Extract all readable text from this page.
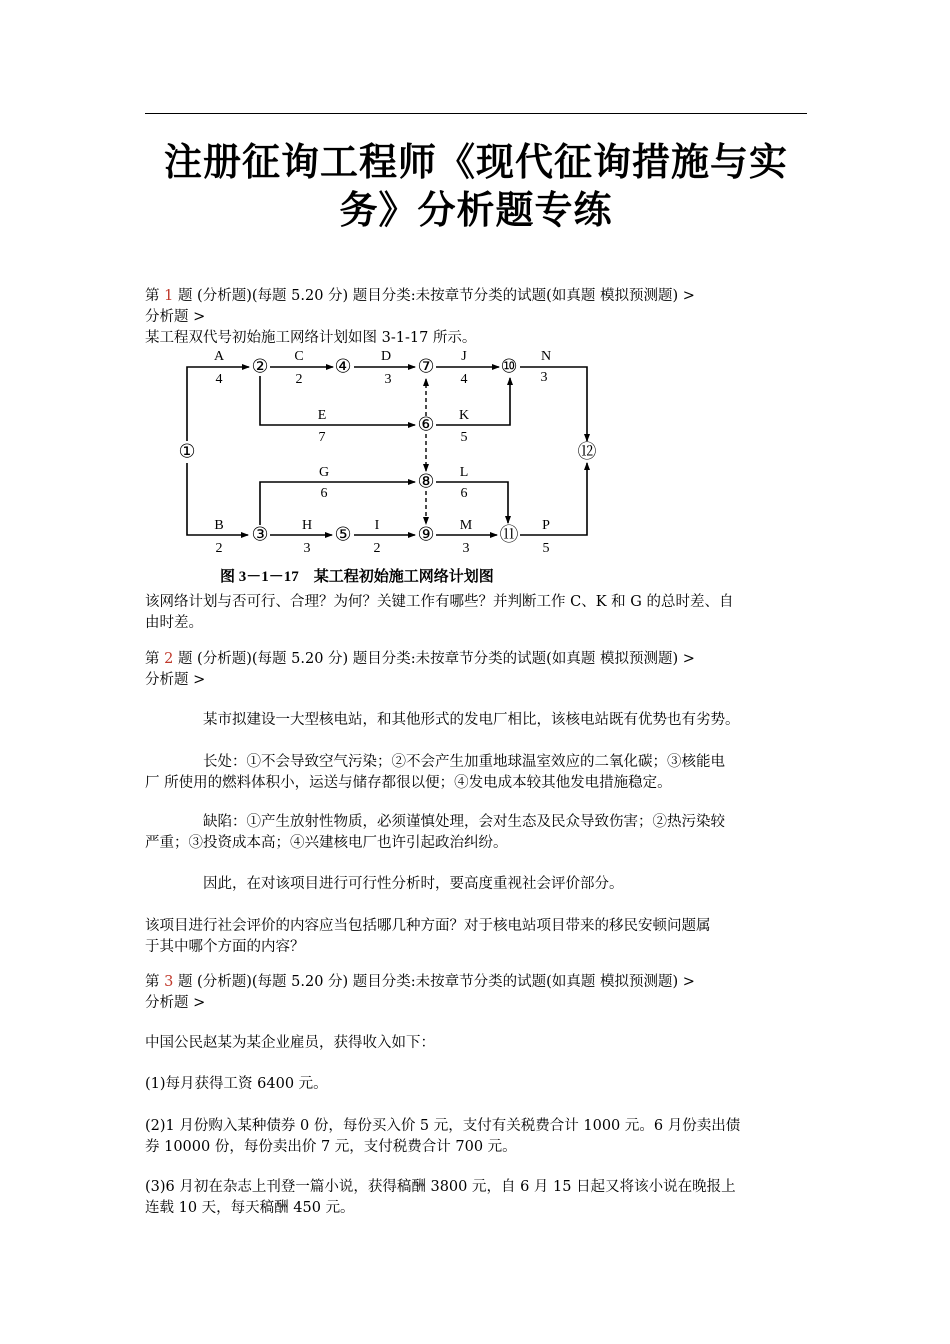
注册征询工程师《现代征询措施与实
务》分析题专练
第 1 题 (分析题)(每题 5.20 分) 题目分类:未按章节分类的试题(如真题 模拟预测题) >
分析题 >
某工程双代号初始施工网络计划如图 3-1-17 所示。
①
②
③
④
⑤
⑦
⑥
⑧
⑨
⑩
⑪
⑫
A
4
C
2
D
3
J
4
N
3
E
7
K
5
G
6
L
6
B
2
H
3
I
2
M
3
P
5
图 3－1－17　某工程初始施工网络计划图
该网络计划与否可行、合理？为何？关键工作有哪些？并判断工作 C、K 和 G 的总时差、自
由时差。
第 2 题 (分析题)(每题 5.20 分) 题目分类:未按章节分类的试题(如真题 模拟预测题) >
分析题 >
某市拟建设一大型核电站，和其他形式的发电厂相比，该核电站既有优势也有劣势。
长处：①不会导致空气污染；②不会产生加重地球温室效应的二氧化碳；③核能电
厂 所使用的燃料体积小，运送与储存都很以便；④发电成本较其他发电措施稳定。
缺陷：①产生放射性物质，必须谨慎处理，会对生态及民众导致伤害；②热污染较
严重；③投资成本高；④兴建核电厂也许引起政治纠纷。
因此，在对该项目进行可行性分析时，要高度重视社会评价部分。
该项目进行社会评价的内容应当包括哪几种方面？对于核电站项目带来的移民安顿问题属
于其中哪个方面的内容？
第 3 题 (分析题)(每题 5.20 分) 题目分类:未按章节分类的试题(如真题 模拟预测题) >
分析题 >
中国公民赵某为某企业雇员，获得收入如下：
(1)每月获得工资 6400 元。
(2)1 月份购入某种债券 0 份，每份买入价 5 元，支付有关税费合计 1000 元。6 月份卖出债
券 10000 份，每份卖出价 7 元，支付税费合计 700 元。
(3)6 月初在杂志上刊登一篇小说，获得稿酬 3800 元，自 6 月 15 日起又将该小说在晚报上
连载 10 天，每天稿酬 450 元。
